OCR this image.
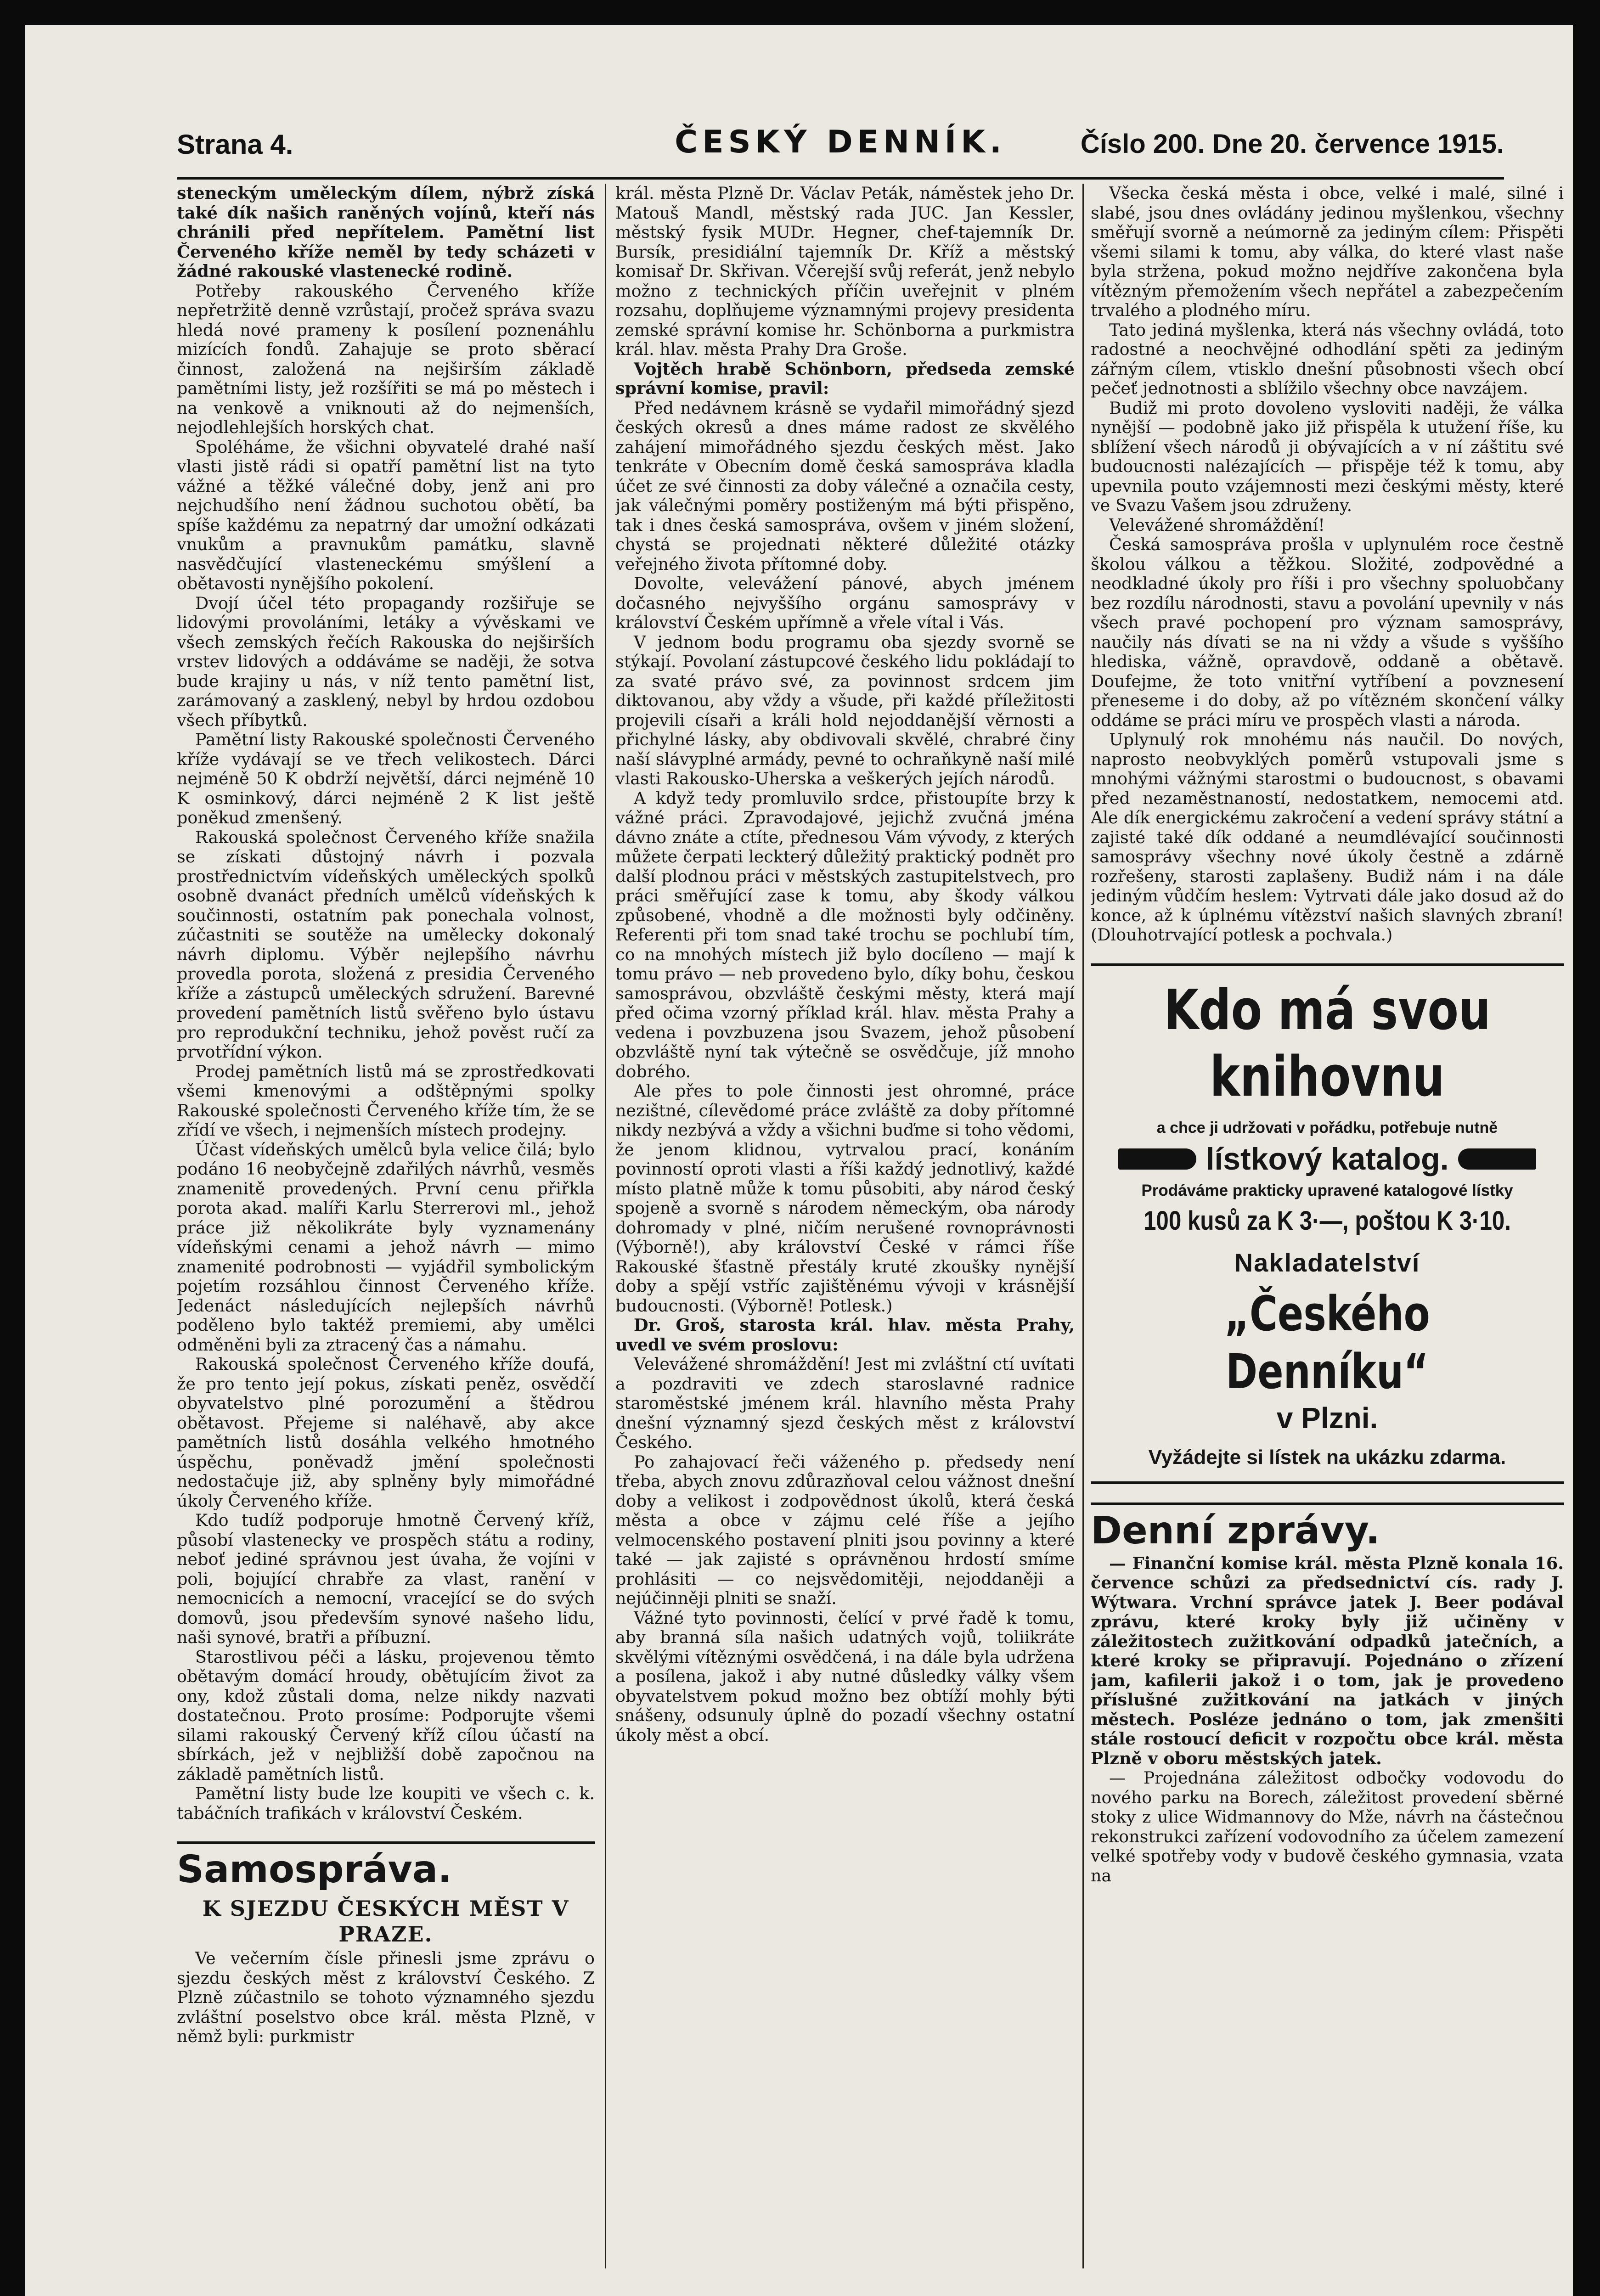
Strana 4.	ČESKÝ DENNÍK.	Číslo 200. Dne 20. července 1915.

steneckým uměleckým dílem, nýbrž získá také dík našich raněných vojínů, kteří nás chránili před nepřítelem. Pamětní list Červeného kříže neměl by tedy scházeti v žádné rakouské vlastenecké rodině.

Potřeby rakouského Červeného kříže nepřetržitě denně vzrůstají, pročež správa svazu hledá nové prameny k posílení poznenáhlu mizících fondů. Zahajuje se proto sběrací činnost, založená na nejširším základě pamětními listy, jež rozšířiti se má po městech i na venkově a vniknouti až do nejmenších, nejodlehlejších horských chat.

Spoléháme, že všichni obyvatelé drahé naší vlasti jistě rádi si opatří pamětní list na tyto vážné a těžké válečné doby, jenž ani pro nejchudšího není žádnou suchotou obětí, ba spíše každému za nepatrný dar umožní odkázati vnukům a pravnukům památku, slavně nasvědčující vlasteneckému smýšlení a obětavosti nynějšího pokolení.

Dvojí účel této propagandy rozšiřuje se lidovými provoláními, letáky a vývěskami ve všech zemských řečích Rakouska do nejširších vrstev lidových a oddáváme se naději, že sotva bude krajiny u nás, v níž tento pamětní list, zarámovaný a zasklený, nebyl by hrdou ozdobou všech příbytků.

Pamětní listy Rakouské společnosti Červeného kříže vydávají se ve třech velikostech. Dárci nejméně 50 K obdrží největší, dárci nejméně 10 K osminkový, dárci nejméně 2 K list ještě poněkud zmenšený.

Rakouská společnost Červeného kříže snažila se získati důstojný návrh i pozvala prostřednictvím vídeňských uměleckých spolků osobně dvanáct předních umělců vídeňských k součinnosti, ostatním pak ponechala volnost, zúčastniti se soutěže na umělecky dokonalý návrh diplomu. Výběr nejlepšího návrhu provedla porota, složená z presidia Červeného kříže a zástupců uměleckých sdružení. Barevné provedení pamětních listů svěřeno bylo ústavu pro reprodukční techniku, jehož pověst ručí za prvotřídní výkon.

Prodej pamětních listů má se zprostředkovati všemi kmenovými a odštěpnými spolky Rakouské společnosti Červeného kříže tím, že se zřídí ve všech, i nejmenších místech prodejny.

Účast vídeňských umělců byla velice čilá; bylo podáno 16 neobyčejně zdařilých návrhů, vesměs znamenitě provedených. První cenu přiřkla porota akad. malíři Karlu Sterrerovi ml., jehož práce již několikráte byly vyznamenány vídeňskými cenami a jehož návrh — mimo znamenité podrobnosti — vyjádřil symbolickým pojetím rozsáhlou činnost Červeného kříže. Jedenáct následujících nejlepších návrhů poděleno bylo taktéž premiemi, aby umělci odměněni byli za ztracený čas a námahu.

Rakouská společnost Červeného kříže doufá, že pro tento její pokus, získati peněz, osvědčí obyvatelstvo plné porozumění a štědrou obětavost. Přejeme si naléhavě, aby akce pamětních listů dosáhla velkého hmotného úspěchu, poněvadž jmění společnosti nedostačuje již, aby splněny byly mimořádné úkoly Červeného kříže.

Kdo tudíž podporuje hmotně Červený kříž, působí vlastenecky ve prospěch státu a rodiny, neboť jediné správnou jest úvaha, že vojíni v poli, bojující chrabře za vlast, ranění v nemocnicích a nemocní, vracející se do svých domovů, jsou především synové našeho lidu, naši synové, bratři a příbuzní.

Starostlivou péči a lásku, projevenou těmto obětavým domácí hroudy, obětujícím život za ony, kdož zůstali doma, nelze nikdy nazvati dostatečnou. Proto prosíme: Podporujte všemi silami rakouský Červený kříž cílou účastí na sbírkách, jež v nejbližší době započnou na základě pamětních listů.

Pamětní listy bude lze koupiti ve všech c. k. tabáčních trafikách v království Českém.

Samospráva.

K SJEZDU ČESKÝCH MĚST V PRAZE.

Ve večerním čísle přinesli jsme zprávu o sjezdu českých měst z království Českého. Z Plzně zúčastnilo se tohoto významného sjezdu zvláštní poselstvo obce král. města Plzně, v němž byli: purkmistr

král. města Plzně Dr. Václav Peták, náměstek jeho Dr. Matouš Mandl, městský rada JUC. Jan Kessler, městský fysik MUDr. Hegner, chef-tajemník Dr. Bursík, presidiální tajemník Dr. Kříž a městský komisař Dr. Skřivan. Včerejší svůj referát, jenž nebylo možno z technických příčin uveřejnit v plném rozsahu, doplňujeme významnými projevy presidenta zemské správní komise hr. Schönborna a purkmistra král. hlav. města Prahy Dra Groše.

Vojtěch hrabě Schönborn, předseda zemské správní komise, pravil:

Před nedávnem krásně se vydařil mimořádný sjezd českých okresů a dnes máme radost ze skvělého zahájení mimořádného sjezdu českých měst. Jako tenkráte v Obecním domě česká samospráva kladla účet ze své činnosti za doby válečné a označila cesty, jak válečnými poměry postiženým má býti přispěno, tak i dnes česká samospráva, ovšem v jiném složení, chystá se projednati některé důležité otázky veřejného života přítomné doby.

Dovolte, velevážení pánové, abych jménem dočasného nejvyššího orgánu samosprávy v království Českém upřímně a vřele vítal i Vás.

V jednom bodu programu oba sjezdy svorně se stýkají. Povolaní zástupcové českého lidu pokládají to za svaté právo své, za povinnost srdcem jim diktovanou, aby vždy a všude, při každé příležitosti projevili císaři a králi hold nejoddanější věrnosti a přichylné lásky, aby obdivovali skvělé, chrabré činy naší slávyplné armády, pevné to ochraňkyně naší milé vlasti Rakousko-Uherska a veškerých jejích národů.

A když tedy promluvilo srdce, přistoupíte brzy k vážné práci. Zpravodajové, jejichž zvučná jména dávno znáte a ctíte, přednesou Vám vývody, z kterých můžete čerpati leckterý důležitý praktický podnět pro další plodnou práci v městských zastupitelstvech, pro práci směřující zase k tomu, aby škody válkou způsobené, vhodně a dle možnosti byly odčiněny. Referenti při tom snad také trochu se pochlubí tím, co na mnohých místech již bylo docíleno — mají k tomu právo — neb provedeno bylo, díky bohu, českou samosprávou, obzvláště českými městy, která mají před očima vzorný příklad král. hlav. města Prahy a vedena i povzbuzena jsou Svazem, jehož působení obzvláště nyní tak výtečně se osvědčuje, jíž mnoho dobrého.

Ale přes to pole činnosti jest ohromné, práce nezištné, cílevědomé práce zvláště za doby přítomné nikdy nezbývá a vždy a všichni buďme si toho vědomi, že jenom klidnou, vytrvalou prací, konáním povinností oproti vlasti a říši každý jednotlivý, každé místo platně může k tomu působiti, aby národ český spojeně a svorně s národem německým, oba národy dohromady v plné, ničím nerušené rovnoprávnosti (Výborně!), aby království České v rámci říše Rakouské šťastně přestály kruté zkoušky nynější doby a spějí vstříc zajištěnému vývoji v krásnější budoucnosti. (Výborně! Potlesk.)

Dr. Groš, starosta král. hlav. města Prahy, uvedl ve svém proslovu:

Velevážené shromáždění! Jest mi zvláštní ctí uvítati a pozdraviti ve zdech staroslavné radnice staroměstské jménem král. hlavního města Prahy dnešní významný sjezd českých měst z království Českého.

Po zahajovací řeči váženého p. předsedy není třeba, abych znovu zdůrazňoval celou vážnost dnešní doby a velikost i zodpovědnost úkolů, která česká města a obce v zájmu celé říše a jejího velmocenského postavení plniti jsou povinny a které také — jak zajisté s oprávněnou hrdostí smíme prohlásiti — co nejsvědomitěji, nejoddaněji a nejúčinněji plniti se snaží.

Vážné tyto povinnosti, čelící v prvé řadě k tomu, aby branná síla našich udatných vojů, toliikráte skvělými vítěznými osvědčená, i na dále byla udržena a posílena, jakož i aby nutné důsledky války všem obyvatelstvem pokud možno bez obtíží mohly býti snášeny, odsunuly úplně do pozadí všechny ostatní úkoly měst a obcí.

Všecka česká města i obce, velké i malé, silné i slabé, jsou dnes ovládány jedinou myšlenkou, všechny směřují svorně a neúmorně za jediným cílem: Přispěti všemi silami k tomu, aby válka, do které vlast naše byla stržena, pokud možno nejdříve zakončena byla vítězným přemožením všech nepřátel a zabezpečením trvalého a plodného míru.

Tato jediná myšlenka, která nás všechny ovládá, toto radostné a neochvějné odhodlání spěti za jediným zářným cílem, vtisklo dnešní působnosti všech obcí pečeť jednotnosti a sblížilo všechny obce navzájem.

Budiž mi proto dovoleno vysloviti naději, že válka nynější — podobně jako již přispěla k utužení říše, ku sblížení všech národů ji obývajících a v ní záštitu své budoucnosti nalézajících — přispěje též k tomu, aby upevnila pouto vzájemnosti mezi českými městy, které ve Svazu Vašem jsou združeny.

Velevážené shromáždění!

Česká samospráva prošla v uplynulém roce čestně školou válkou a těžkou. Složité, zodpovědné a neodkladné úkoly pro říši i pro všechny spoluobčany bez rozdílu národnosti, stavu a povolání upevnily v nás všech pravé pochopení pro význam samosprávy, naučily nás dívati se na ni vždy a všude s vyššího hlediska, vážně, opravdově, oddaně a obětavě. Doufejme, že toto vnitřní vytříbení a povznesení přeneseme i do doby, až po vítězném skončení války oddáme se práci míru ve prospěch vlasti a národa.

Uplynulý rok mnohému nás naučil. Do nových, naprosto neobvyklých poměrů vstupovali jsme s mnohými vážnými starostmi o budoucnost, s obavami před nezaměstnaností, nedostatkem, nemocemi atd. Ale dík energickému zakročení a vedení správy státní a zajisté také dík oddané a neumdlévající součinnosti samosprávy všechny nové úkoly čestně a zdárně rozřešeny, starosti zaplašeny. Budiž nám i na dále jediným vůdčím heslem: Vytrvati dále jako dosud až do konce, až k úplnému vítězství našich slavných zbraní! (Dlouhotrvající potlesk a pochvala.)

Kdo má svou
knihovnu
a chce ji udržovati v pořádku, potřebuje nutně
lístkový katalog.
Prodáváme prakticky upravené katalogové lístky
100 kusů za K 3·—, poštou K 3·10.
Nakladatelství
„Českého Denníku“
v Plzni.
Vyžádejte si lístek na ukázku zdarma.

Denní zprávy.

— Finanční komise král. města Plzně konala 16. července schůzi za předsednictví cís. rady J. Wýtwara. Vrchní správce jatek J. Beer podával zprávu, které kroky byly již učiněny v záležitostech zužitkování odpadků jatečních, a které kroky se připravují. Pojednáno o zřízení jam, kafilerii jakož i o tom, jak je provedeno příslušné zužitkování na jatkách v jiných městech. Posléze jednáno o tom, jak zmenšiti stále rostoucí deficit v rozpočtu obce král. města Plzně v oboru městských jatek.

— Projednána záležitost odbočky vodovodu do nového parku na Borech, záležitost provedení sběrné stoky z ulice Widmannovy do Mže, návrh na částečnou rekonstrukci zařízení vodovodního za účelem zamezení velké spotřeby vody v budově českého gymnasia, vzata na
